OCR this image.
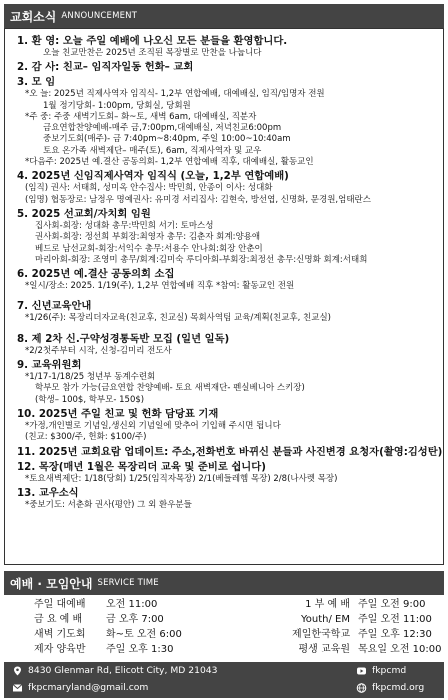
교회소식 ANNOUNCEMENT
1. 환 영: 오늘 주일 예배에 나오신 모든 분들을 환영합니다.
오늘 친교만찬은 2025년 조직된 목장별로 만찬을 나눕니다
2. 감 사: 친교– 임직자일동 헌화– 교회
3. 모 임
*오 늘: 2025년 직제사역자 임직식- 1,2부 연합예배, 대예배실, 임직/임명자 전원
1월 정기당회- 1:00pm, 당회실, 당회원
*주 중: 주중 새벽기도회– 화~토, 새벽 6am, 대예배실, 직분자
금요연합찬양예배-매주 금,7:00pm,대예배실, 저녁친교6:00pm
중보기도회(매주)- 금 7:40pm~8:40pm, 주일 10:00~10:40am
토요 온가족 새벽제단– 매주(토), 6am, 직제사역자 및 교우
*다음주: 2025년 예.결산 공동의회- 1,2부 연합예배 직후, 대예배실, 활동교인
4. 2025년 신임직제사역자 임직식 (오늘, 1,2부 연합예배)
(임직) 권사: 서태희, 성미옥 안수집사: 박민희, 안종이 이사: 성대화
(임명) 협동장로: 남정우 명예권사: 유미경 서리집사: 김현숙, 방선엽, 신명화, 문경원,엄태란스
5. 2025 선교회/자치회 임원
집사회-회장: 성대화 총무:박민희 서기: 토마스성
권사회-회장: 정선희 부회장:최영자 총무: 김춘자 회계:양용애
베드로 남선교회-회장:서익수 총무:서용수 안나회:회장 안춘이
마리아회-회장: 조영미 총무/회계:김미숙 루디아회-부회장:최정선 총무:신명화 회계:서태희
6. 2025년 예.결산 공동의회 소집
*일시/장소: 2025. 1/19(주), 1,2부 연합예배 직후 *참여: 활동교인 전원
7. 신년교육안내
*1/26(주): 목장리더자교육(친교후, 친교실) 목회사역팀 교육/계획(친교후, 친교실)
8. 제 2차 신.구약성경통독반 모집 (일년 일독)
*2/2첫주부터 시작, 신청-김미리 전도사
9. 교육위원회
*1/17-1/18/25 청년부 동계수련회
학부모 참가 가능(금요연합 찬양예배- 토요 새벽재단- 펜실베니아 스키장)
(학생– 100$, 학부모- 150$)
10. 2025년 주일 친교 및 헌화 담당표 기재
*가정,개인별로 기념일,생신외 기념일에 맞추어 기입해 주시면 됩니다
(친교: $300/주, 헌화: $100/주)
11. 2025년 교회요람 업데이트: 주소,전화번호 바뀌신 분들과 사진변경 요청자(촬영:김성탄)
12. 목장(매년 1월은 목장리더 교육 및 준비로 쉽니다)
*토요새벽제단: 1/18(당회) 1/25(임직자목장) 2/1(베들레헴 목장) 2/8(나사렛 목장)
13. 교우소식
*중보기도: 서춘화 권사(평안) 그 외 환우분들
예배 · 모임안내 SERVICE TIME
주일 대예배	오전 11:00	1 부 예 배 주일 오전 9:00
금 요 예 배	금 오후 7:00	Youth/ EM 주일 오전 11:00
새벽 기도회	화~토 오전 6:00	제일한국학교 주일 오후 12:30
제자 양육반	주일 오후 1:30	평생 교육원 목요일 오전 10:00
8430 Glenmar Rd, Elicott City, MD 21043
fkpcmaryland@gmail.com
fkpcmd
fkpcmd.org
